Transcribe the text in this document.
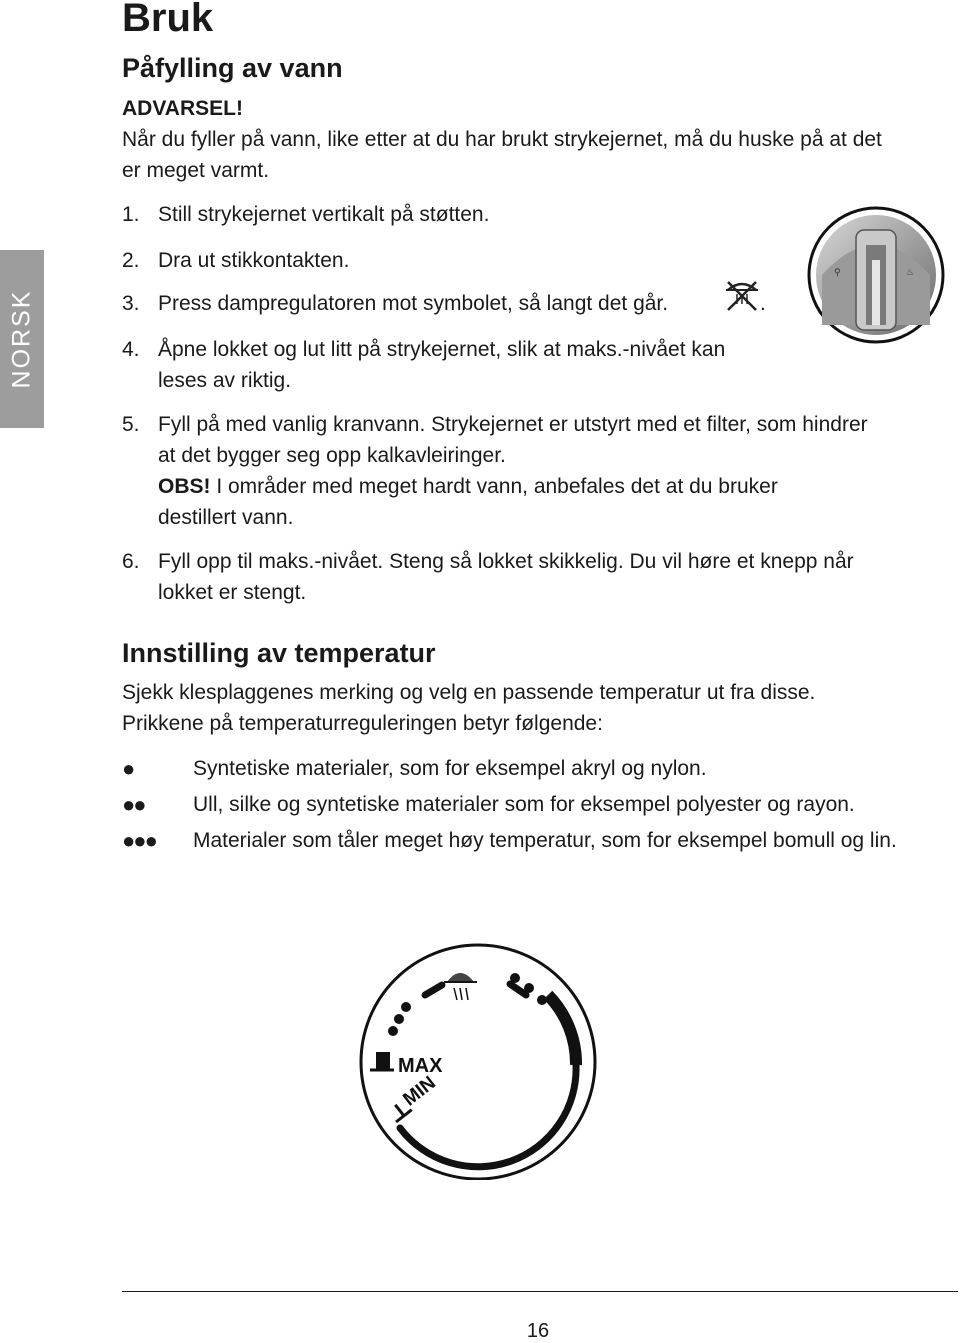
NORSK
Bruk
Påfylling av vann
ADVARSEL!
Når du fyller på vann, like etter at du har brukt strykejernet, må du huske på at det
er meget varmt.
1. Still strykejernet vertikalt på støtten.
2. Dra ut stikkontakten.
3. Press dampregulatoren mot symbolet, så langt det går.	.
4. Åpne lokket og lut litt på strykejernet, slik at maks.-nivået kan
leses av riktig.
5. Fyll på med vanlig kranvann. Strykejernet er utstyrt med et filter, som hindrer
at det bygger seg opp kalkavleiringer.
OBS! I områder med meget hardt vann, anbefales det at du bruker
destillert vann.
6. Fyll opp til maks.-nivået. Steng så lokket skikkelig. Du vil høre et knepp når
lokket er stengt.
⚲	♨
Innstilling av temperatur
Sjekk klesplaggenes merking og velg en passende temperatur ut fra disse.
Prikkene på temperaturreguleringen betyr følgende:
●	Syntetiske materialer, som for eksempel akryl og nylon.
●● Ull, silke og syntetiske materialer som for eksempel polyester og rayon.
●●● Materialer som tåler meget høy temperatur, som for eksempel bomull og lin.
MAX
MIN
16
